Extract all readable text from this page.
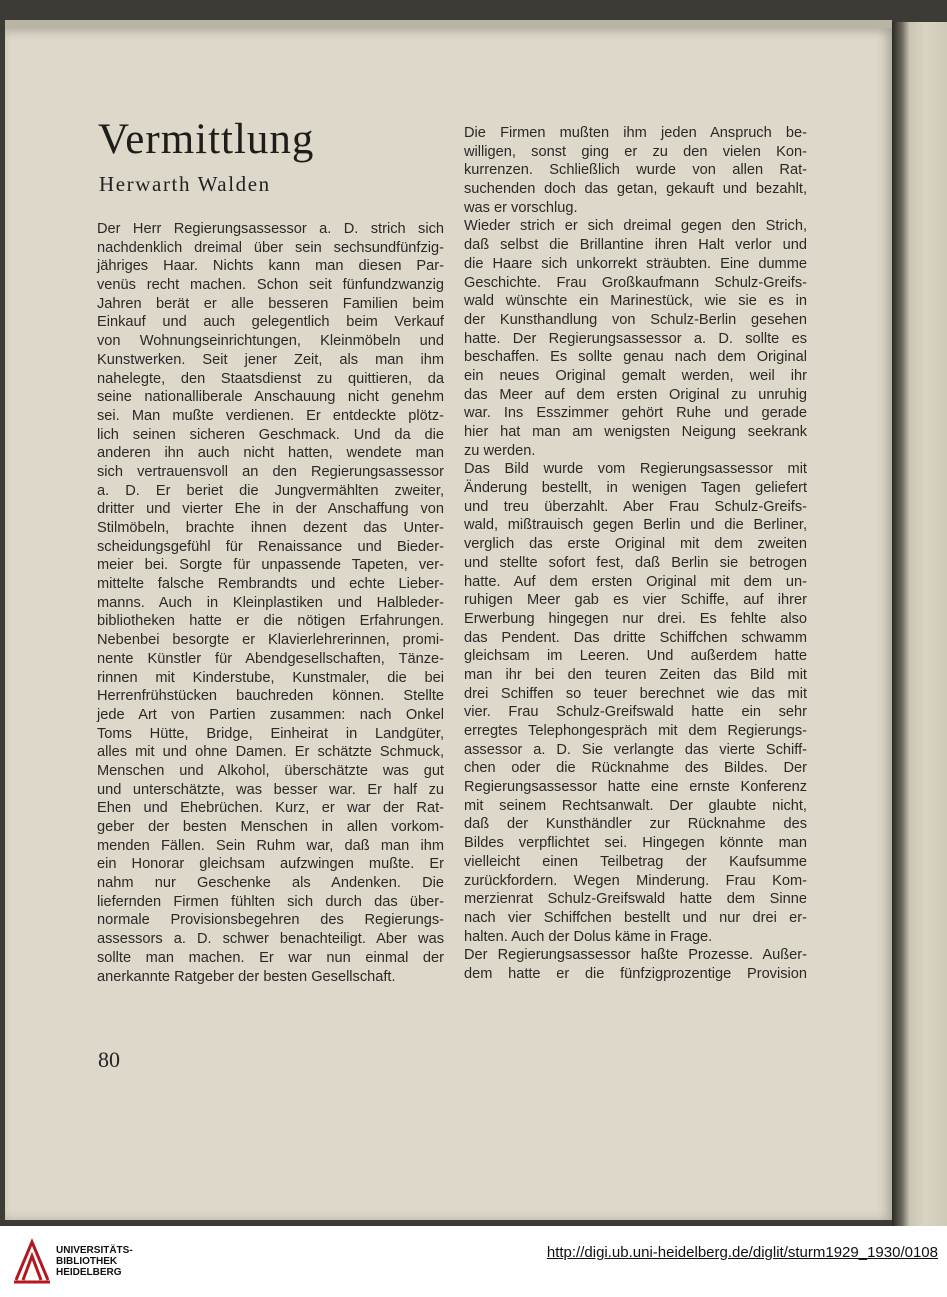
Vermittlung
Herwarth Walden
Der Herr Regierungsassessor a. D. strich sich
nachdenklich dreimal über sein sechsundfünfzig-
jähriges Haar. Nichts kann man diesen Par-
venüs recht machen. Schon seit fünfundzwanzig
Jahren berät er alle besseren Familien beim
Einkauf und auch gelegentlich beim Verkauf
von Wohnungseinrichtungen, Kleinmöbeln und
Kunstwerken. Seit jener Zeit, als man ihm
nahelegte, den Staatsdienst zu quittieren, da
seine nationalliberale Anschauung nicht genehm
sei. Man mußte verdienen. Er entdeckte plötz-
lich seinen sicheren Geschmack. Und da die
anderen ihn auch nicht hatten, wendete man
sich vertrauensvoll an den Regierungsassessor
a. D. Er beriet die Jungvermählten zweiter,
dritter und vierter Ehe in der Anschaffung von
Stilmöbeln, brachte ihnen dezent das Unter-
scheidungsgefühl für Renaissance und Bieder-
meier bei. Sorgte für unpassende Tapeten, ver-
mittelte falsche Rembrandts und echte Lieber-
manns. Auch in Kleinplastiken und Halbleder-
bibliotheken hatte er die nötigen Erfahrungen.
Nebenbei besorgte er Klavierlehrerinnen, promi-
nente Künstler für Abendgesellschaften, Tänze-
rinnen mit Kinderstube, Kunstmaler, die bei
Herrenfrühstücken bauchreden können. Stellte
jede Art von Partien zusammen: nach Onkel
Toms Hütte, Bridge, Einheirat in Landgüter,
alles mit und ohne Damen. Er schätzte Schmuck,
Menschen und Alkohol, überschätzte was gut
und unterschätzte, was besser war. Er half zu
Ehen und Ehebrüchen. Kurz, er war der Rat-
geber der besten Menschen in allen vorkom-
menden Fällen. Sein Ruhm war, daß man ihm
ein Honorar gleichsam aufzwingen mußte. Er
nahm nur Geschenke als Andenken. Die
liefernden Firmen fühlten sich durch das über-
normale Provisionsbegehren des Regierungs-
assessors a. D. schwer benachteiligt. Aber was
sollte man machen. Er war nun einmal der
anerkannte Ratgeber der besten Gesellschaft.
Die Firmen mußten ihm jeden Anspruch be-
willigen, sonst ging er zu den vielen Kon-
kurrenzen. Schließlich wurde von allen Rat-
suchenden doch das getan, gekauft und bezahlt,
was er vorschlug.
Wieder strich er sich dreimal gegen den Strich,
daß selbst die Brillantine ihren Halt verlor und
die Haare sich unkorrekt sträubten. Eine dumme
Geschichte. Frau Großkaufmann Schulz-Greifs-
wald wünschte ein Marinestück, wie sie es in
der Kunsthandlung von Schulz-Berlin gesehen
hatte. Der Regierungsassessor a. D. sollte es
beschaffen. Es sollte genau nach dem Original
ein neues Original gemalt werden, weil ihr
das Meer auf dem ersten Original zu unruhig
war. Ins Esszimmer gehört Ruhe und gerade
hier hat man am wenigsten Neigung seekrank
zu werden.
Das Bild wurde vom Regierungsassessor mit
Änderung bestellt, in wenigen Tagen geliefert
und treu überzahlt. Aber Frau Schulz-Greifs-
wald, mißtrauisch gegen Berlin und die Berliner,
verglich das erste Original mit dem zweiten
und stellte sofort fest, daß Berlin sie betrogen
hatte. Auf dem ersten Original mit dem un-
ruhigen Meer gab es vier Schiffe, auf ihrer
Erwerbung hingegen nur drei. Es fehlte also
das Pendent. Das dritte Schiffchen schwamm
gleichsam im Leeren. Und außerdem hatte
man ihr bei den teuren Zeiten das Bild mit
drei Schiffen so teuer berechnet wie das mit
vier. Frau Schulz-Greifswald hatte ein sehr
erregtes Telephongespräch mit dem Regierungs-
assessor a. D. Sie verlangte das vierte Schiff-
chen oder die Rücknahme des Bildes. Der
Regierungsassessor hatte eine ernste Konferenz
mit seinem Rechtsanwalt. Der glaubte nicht,
daß der Kunsthändler zur Rücknahme des
Bildes verpflichtet sei. Hingegen könnte man
vielleicht einen Teilbetrag der Kaufsumme
zurückfordern. Wegen Minderung. Frau Kom-
merzienrat Schulz-Greifswald hatte dem Sinne
nach vier Schiffchen bestellt und nur drei er-
halten. Auch der Dolus käme in Frage.
Der Regierungsassessor haßte Prozesse. Außer-
dem hatte er die fünfzigprozentige Provision
80
UNIVERSITÄTS-
BIBLIOTHEK
HEIDELBERG
http://digi.ub.uni-heidelberg.de/diglit/sturm1929_1930/0108
